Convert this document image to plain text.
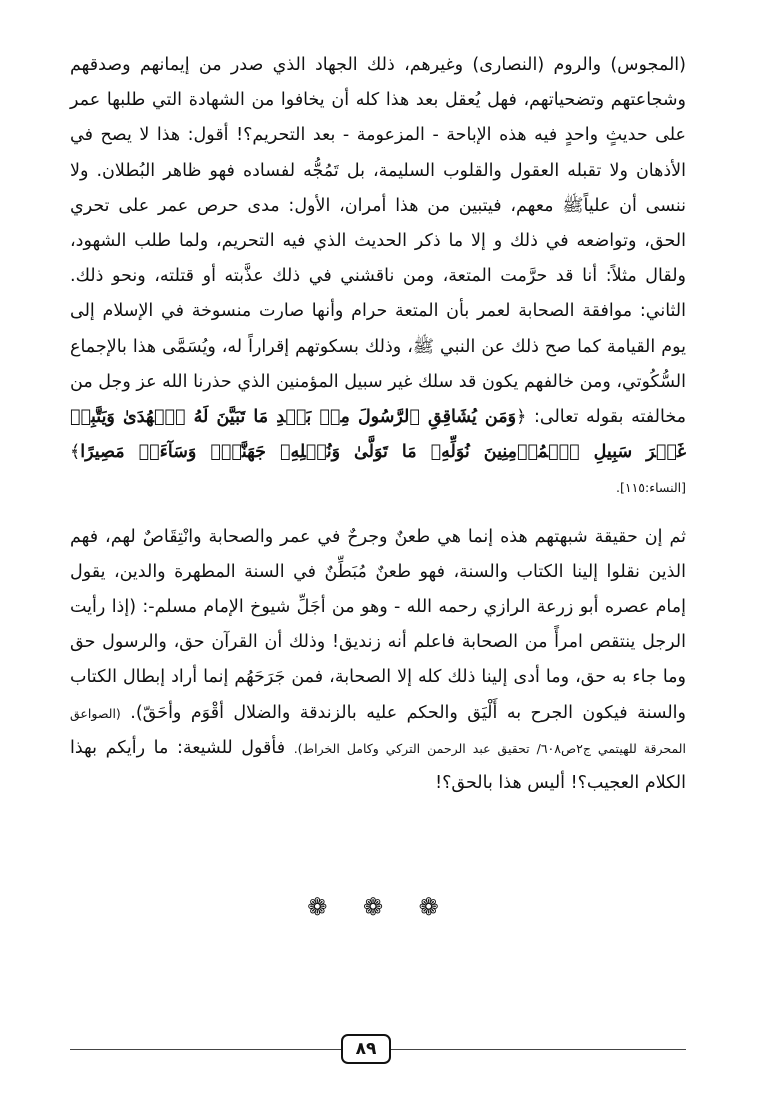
(المجوس) والروم (النصارى) وغيرهم، ذلك الجهاد الذي صدر من إيمانهم وصدقهم وشجاعتهم وتضحياتهم، فهل يُعقل بعد هذا كله أن يخافوا من الشهادة التي طلبها عمر على حديثٍ واحدٍ فيه هذه الإباحة - المزعومة - بعد التحريم؟! أقول: هذا لا يصح في الأذهان ولا تقبله العقول والقلوب السليمة، بل تَمُجُّه لفساده فهو ظاهر البُطلان. ولا ننسى أن علياًﷺ معهم، فيتبين من هذا أمران، الأول: مدى حرص عمر على تحري الحق، وتواضعه في ذلك و إلا ما ذكر الحديث الذي فيه التحريم، ولما طلب الشهود، ولقال مثلاً: أنا قد حرَّمت المتعة، ومن ناقشني في ذلك عذَّبته أو قتلته، ونحو ذلك. الثاني: موافقة الصحابة لعمر بأن المتعة حرام وأنها صارت منسوخة في الإسلام إلى يوم القيامة كما صح ذلك عن النبي ﷺ، وذلك بسكوتهم إقراراً له، ويُسَمَّى هذا بالإجماع السُّكُوتي، ومن خالفهم يكون قد سلك غير سبيل المؤمنين الذي حذرنا الله عز وجل من مخالفته بقوله تعالى: ﴿وَمَن يُشَاقِقِ ٱلرَّسُولَ مِنۢ بَعۡدِ مَا تَبَيَّنَ لَهُ ٱلۡهُدَىٰ وَيَتَّبِعۡ غَيۡرَ سَبِيلِ ٱلۡمُؤۡمِنِينَ نُوَلِّهِۦ مَا تَوَلَّىٰ وَنُصۡلِهِۦ جَهَنَّمَۖ وَسَآءَتۡ مَصِيرًا﴾ [النساء:١١٥].

ثم إن حقيقة شبهتهم هذه إنما هي طعنٌ وجرحٌ في عمر والصحابة وانْتِقَاصٌ لهم، فهم الذين نقلوا إلينا الكتاب والسنة، فهو طعنٌ مُبَطِّنٌ في السنة المطهرة والدين، يقول إمام عصره أبو زرعة الرازي رحمه الله - وهو من أجَلِّ شيوخ الإمام مسلم-: (إذا رأيت الرجل ينتقص امرأً من الصحابة فاعلم أنه زنديق! وذلك أن القرآن حق، والرسول حق وما جاء به حق، وما أدى إلينا ذلك كله إلا الصحابة، فمن جَرَحَهُم إنما أراد إبطال الكتاب والسنة فيكون الجرح به أَلْيَق والحكم عليه بالزندقة والضلال أقْوَم وأحَقّ). (الصواعق المحرقة للهيتمي ج٢ص٦٠٨/ تحقيق عبد الرحمن التركي وكامل الخراط). فأقول للشيعة: ما رأيكم بهذا الكلام العجيب؟! أليس هذا بالحق؟!

❁ ❁ ❁
٨٩
